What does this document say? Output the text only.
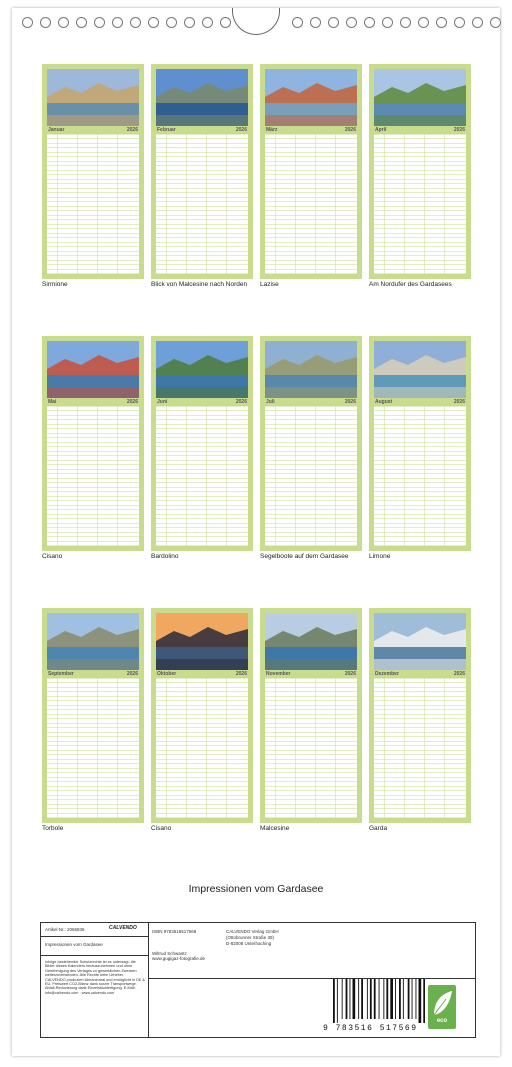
Januar	2026
Sirmione
Februar	2026
Blick von Malcesine nach Norden
März	2026
Lazise
April	2026
Am Nordufer des Gardasees
Mai	2026
Cisano
Juni	2026
Bardolino
Juli	2026
Segelboote auf dem Gardasee
August	2026
Limone
September	2026
Torbole
Oktober	2026
Cisano
November	2026
Malcesine
Dezember	2026
Garda
Impressionen vom Gardasee
Artikel Nr.: 2066836	CALVENDO
Impressionen vom Gardasee
Infolge bestehender Schutzrechte ist es untersagt, die Bilder dieses Kalenders herauszunehmen und ohne Genehmigung des Verlages zu gewerblichen Zwecken weiterzuverwenden. Alle Rechte beim Urheber. CALVENDO produziert klimaneutral und ermöglicht in DE & EU. Preiswert CO2-Bilanz dank kurzer Transportwege. Abfall-Reduzierung dank Einzelstückfertigung. E-Mail: info@calvendo.com · www.calvendo.com
ISBN 9783516517569
Wiltrud Schwantz
www.gugigaz-fotografie.de
CALVENDO Verlag GmbH
(Ottobrunner Straße 39)
D-82008 Unterhaching
9 783516 517569
eco
